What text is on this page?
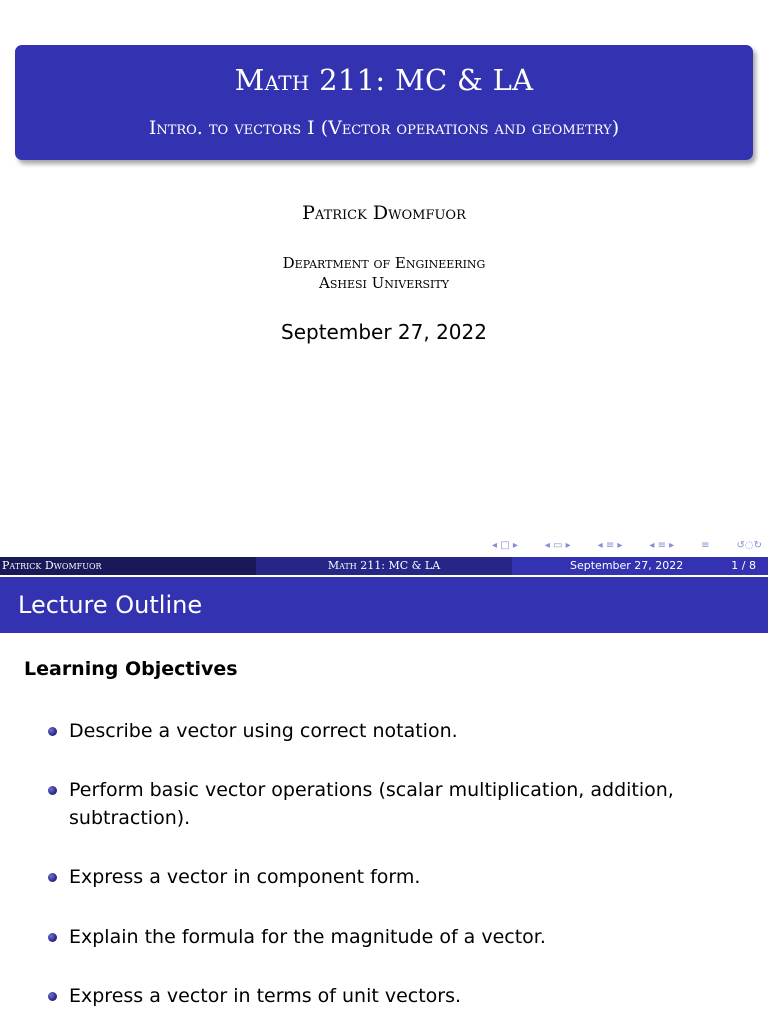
Math 211: MC & LA
Intro. to vectors I (Vector operations and geometry)
Patrick Dwomfuor
Department of Engineering
Ashesi University
September 27, 2022
◂ □ ▸	◂ ▭ ▸	◂ ≡ ▸	◂ ≡ ▸	≡	↺◌↻
Patrick Dwomfuor	Math 211: MC & LA	September 27, 2022	1 / 8
Lecture Outline
Learning Objectives
Describe a vector using correct notation.
Perform basic vector operations (scalar multiplication, addition, subtraction).
Express a vector in component form.
Explain the formula for the magnitude of a vector.
Express a vector in terms of unit vectors.
